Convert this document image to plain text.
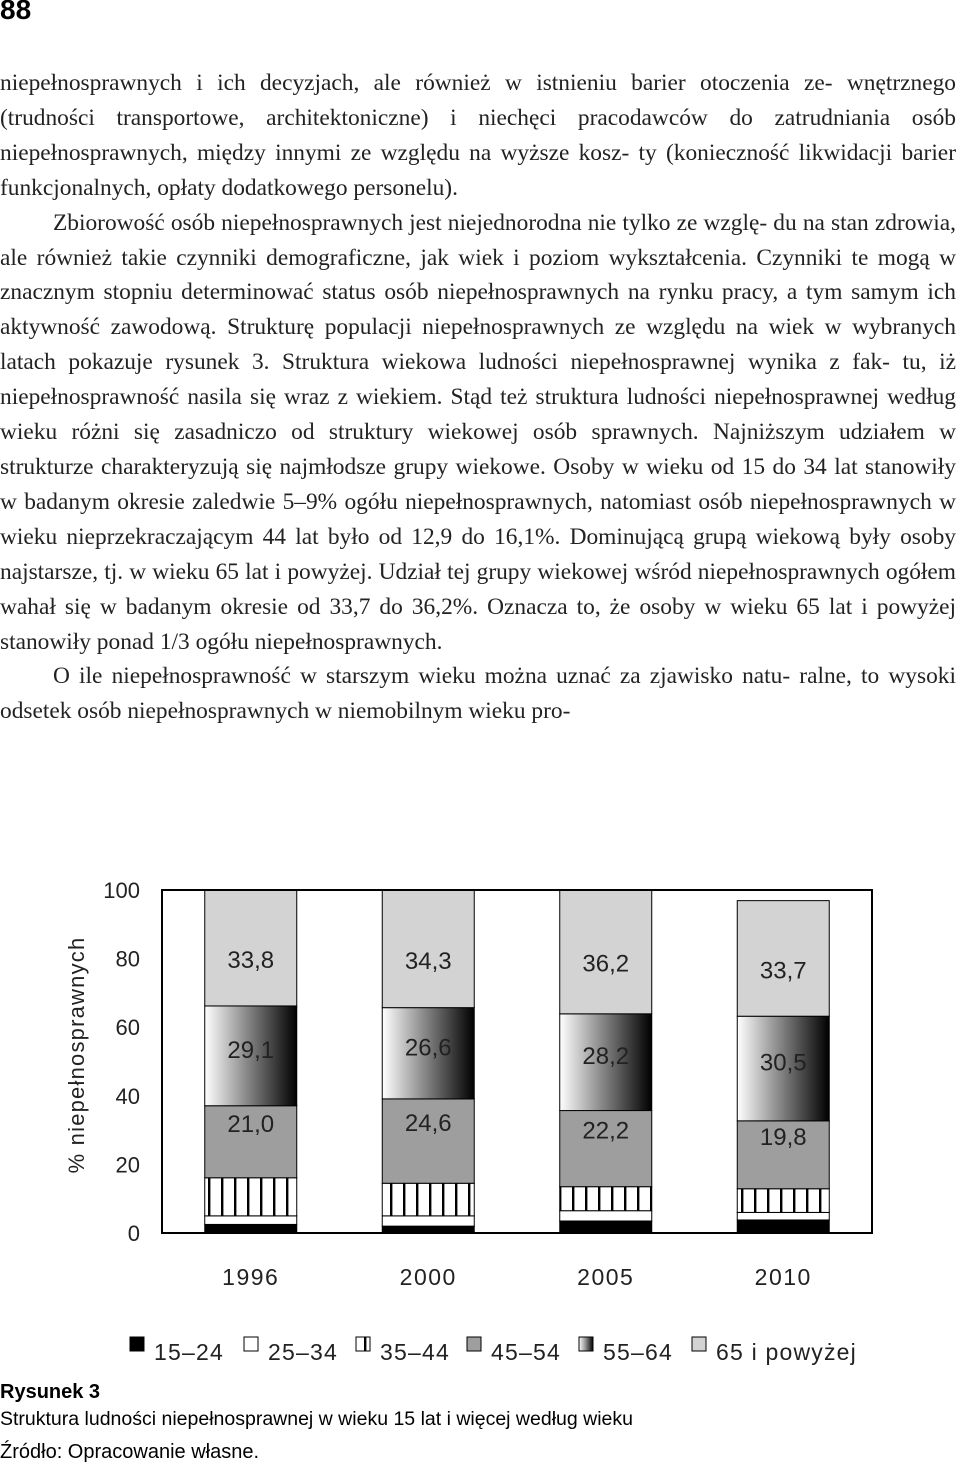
88

niepełnosprawnych i ich decyzjach, ale również w istnieniu barier otoczenia ze- wnętrznego (trudności transportowe, architektoniczne) i niechęci pracodawców do zatrudniania osób niepełnosprawnych, między innymi ze względu na wyższe kosz- ty (konieczność likwidacji barier funkcjonalnych, opłaty dodatkowego personelu).

Zbiorowość osób niepełnosprawnych jest niejednorodna nie tylko ze wzglę- du na stan zdrowia, ale również takie czynniki demograficzne, jak wiek i poziom wykształcenia. Czynniki te mogą w znacznym stopniu determinować status osób niepełnosprawnych na rynku pracy, a tym samym ich aktywność zawodową. Strukturę populacji niepełnosprawnych ze względu na wiek w wybranych latach pokazuje rysunek 3. Struktura wiekowa ludności niepełnosprawnej wynika z fak- tu, iż niepełnosprawność nasila się wraz z wiekiem. Stąd też struktura ludności niepełnosprawnej według wieku różni się zasadniczo od struktury wiekowej osób sprawnych. Najniższym udziałem w strukturze charakteryzują się najmłodsze grupy wiekowe. Osoby w wieku od 15 do 34 lat stanowiły w badanym okresie zaledwie 5–9% ogółu niepełnosprawnych, natomiast osób niepełnosprawnych w wieku nieprzekraczającym 44 lat było od 12,9 do 16,1%. Dominującą grupą wiekową były osoby najstarsze, tj. w wieku 65 lat i powyżej. Udział tej grupy wiekowej wśród niepełnosprawnych ogółem wahał się w badanym okresie od 33,7 do 36,2%. Oznacza to, że osoby w wieku 65 lat i powyżej stanowiły ponad 1/3 ogółu niepełnosprawnych.

O ile niepełnosprawność w starszym wieku można uznać za zjawisko natu- ralne, to wysoki odsetek osób niepełnosprawnych w niemobilnym wieku pro-

% niepełnosprawnych
0
20
40
60
80
100
21,0
29,1
33,8
24,6
26,6
34,3
22,2
28,2
36,2
19,8
30,5
33,7
1996	2000	2005	2010
15–24 25–34 35–44 45–54 55–64 65 i powyżej
Rysunek 3
Struktura ludności niepełnosprawnej w wieku 15 lat i więcej według wieku
Źródło: Opracowanie własne.
